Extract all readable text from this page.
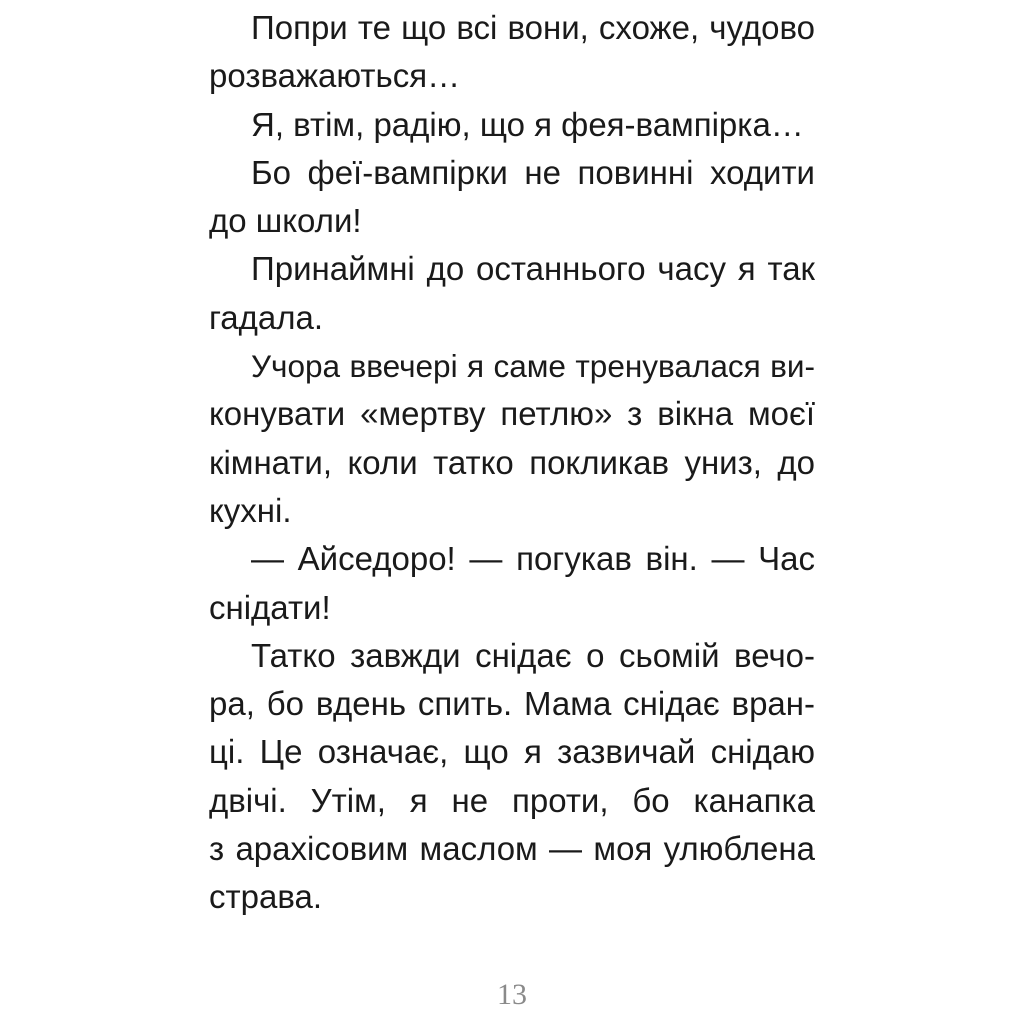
Попри те що всі вони, схоже, чудово
розважаються…
Я, втім, радію, що я фея-вампірка…
Бо феї-вампірки не повинні ходити
до школи!
Принаймні до останнього часу я так
гадала.
Учора ввечері я саме тренувалася ви-
конувати «мертву петлю» з вікна моєї
кімнати, коли татко покликав униз, до
кухні.
— Айседоро! — погукав він. — Час
снідати!
Татко завжди снідає о сьомій вечо-
ра, бо вдень спить. Мама снідає вран-
ці. Це означає, що я зазвичай снідаю
двічі. Утім, я не проти, бо канапка
з арахісовим маслом — моя улюблена
страва.
13
